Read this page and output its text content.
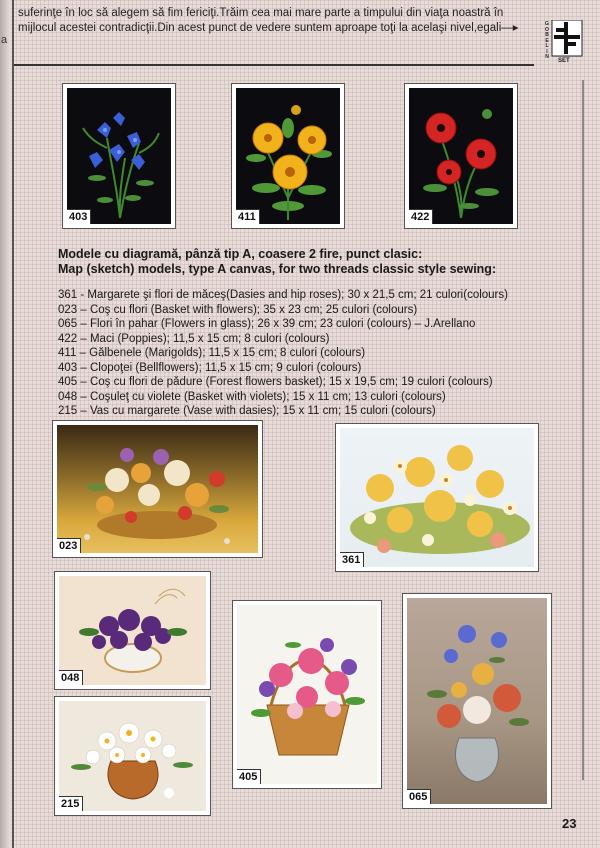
a
suferinţe în loc să alegem să fim fericiţi.Trăim cea mai mare parte a timpului din viaţa noastră în
mijlocul acestei contradicţii.Din acest punct de vedere suntem aproape toţi la acelaşi nivel,egali—▸	G
O
B
E
L
I
N
SET
403	411	422
Modele cu diagramă, pânză tip A, coasere 2 fire, punct clasic:
Map (sketch) models, type A canvas, for two threads classic style sewing:
361 - Margarete şi flori de măceş(Dasies and hip roses); 30 x 21,5 cm; 21 culori(colours)
023 – Coş cu flori (Basket with flowers); 35 x 23 cm; 25 culori (colours)
065 – Flori în pahar (Flowers in glass); 26 x 39 cm; 23 culori (colours) – J.Arellano
422 – Maci (Poppies); 11,5 x 15 cm; 8 culori (colours)
411 – Gălbenele (Marigolds); 11,5 x 15 cm; 8 culori (colours)
403 – Clopoţei (Bellflowers); 11,5 x 15 cm; 9 culori (colours)
405 – Coş cu flori de pădure (Forest flowers basket); 15 x 19,5 cm; 19 culori (colours)
048 – Coşuleţ cu violete (Basket with violets); 15 x 11 cm; 13 culori (colours)
215 – Vas cu margarete (Vase with dasies); 15 x 11 cm; 15 culori (colours)
023
361
048
405
065
215
23
